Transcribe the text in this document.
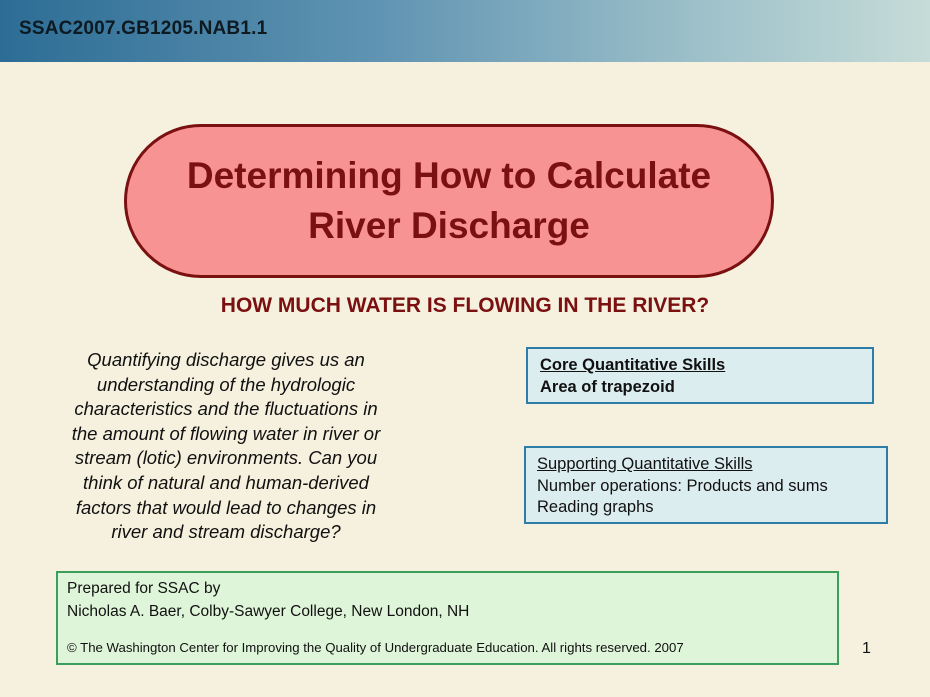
SSAC2007.GB1205.NAB1.1
Determining How to Calculate
River Discharge
HOW MUCH WATER IS FLOWING IN THE RIVER?
Quantifying discharge gives us an
understanding of the hydrologic
characteristics and the fluctuations in
the amount of flowing water in river or
stream (lotic) environments. Can you
think of natural and human-derived
factors that would lead to changes in
river and stream discharge?
Core Quantitative Skills
Area of trapezoid
Supporting Quantitative Skills
Number operations: Products and sums
Reading graphs
Prepared for SSAC by
Nicholas A. Baer, Colby-Sawyer College, New London, NH
© The Washington Center for Improving the Quality of Undergraduate Education. All rights reserved. 2007	1
